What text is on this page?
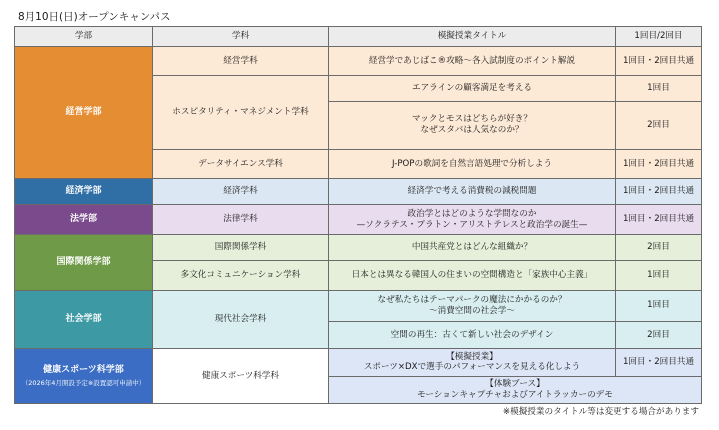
8月10日(日)オープンキャンパス
学部	学科	模擬授業タイトル	1回目/2回目
経営学部	経営学科	経営学であじばこ®攻略～各入試制度のポイント解説	1回目・2回目共通
	ホスピタリティ・マネジメント学科	エアラインの顧客満足を考える	1回目

		マックとモスはどちらが好き？
なぜスタバは人気なのか？	2回目
	データサイエンス学科	J-POPの歌詞を自然言語処理で分析しよう	1回目・2回目共通
経済学部	経済学科	経済学で考える消費税の減税問題	1回目・2回目共通
法学部	法律学科	政治学とはどのような学問なのか
—ソクラテス・プラトン・アリストテレスと政治学の誕生—	1回目・2回目共通
国際関係学部	国際関係学科	中国共産党とはどんな組織か？	2回目
	多文化コミュニケーション学科	日本とは異なる韓国人の住まいの空間構造と「家族中心主義」	1回目
社会学部	現代社会学科	なぜ私たちはテーマパークの魔法にかかるのか？
～消費空間の社会学～	1回目
		空間の再生：古くて新しい社会のデザイン	2回目
健康スポーツ科学部
（2026年4月開設予定※設置認可申請中）	健康スポーツ科学科	【模擬授業】
スポーツ×DXで選手のパフォーマンスを見える化しよう	1回目・2回目共通

		【体験ブース】
モーションキャプチャおよびアイトラッカーのデモ	
※模擬授業のタイトル等は変更する場合があります
